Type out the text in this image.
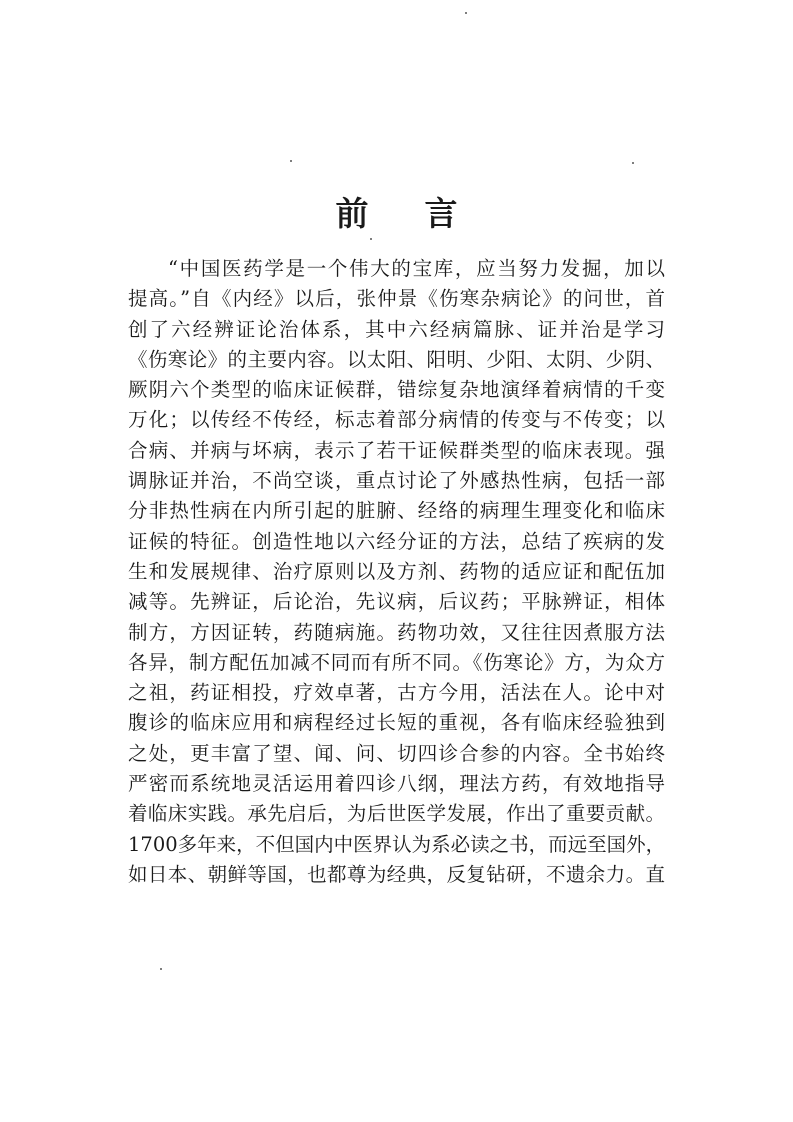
前 言
“中国医药学是一个伟大的宝库，应当努力发掘，加以
提高。”自《内经》以后，张仲景《伤寒杂病论》的问世，首
创了六经辨证论治体系，其中六经病篇脉、证并治是学习
《伤寒论》的主要内容。以太阳、阳明、少阳、太阴、少阴、
厥阴六个类型的临床证候群，错综复杂地演绎着病情的千变
万化；以传经不传经，标志着部分病情的传变与不传变；以
合病、并病与坏病，表示了若干证候群类型的临床表现。强
调脉证并治，不尚空谈，重点讨论了外感热性病，包括一部
分非热性病在内所引起的脏腑、经络的病理生理变化和临床
证候的特征。创造性地以六经分证的方法，总结了疾病的发
生和发展规律、治疗原则以及方剂、药物的适应证和配伍加
减等。先辨证，后论治，先议病，后议药；平脉辨证，相体
制方，方因证转，药随病施。药物功效，又往往因煮服方法
各异，制方配伍加减不同而有所不同。《伤寒论》方，为众方
之祖，药证相投，疗效卓著，古方今用，活法在人。论中对
腹诊的临床应用和病程经过长短的重视，各有临床经验独到
之处，更丰富了望、闻、问、切四诊合参的内容。全书始终
严密而系统地灵活运用着四诊八纲，理法方药，有效地指导
着临床实践。承先启后，为后世医学发展，作出了重要贡献。
1700多年来，不但国内中医界认为系必读之书，而远至国外，
如日本、朝鲜等国，也都尊为经典，反复钻研，不遗余力。直
